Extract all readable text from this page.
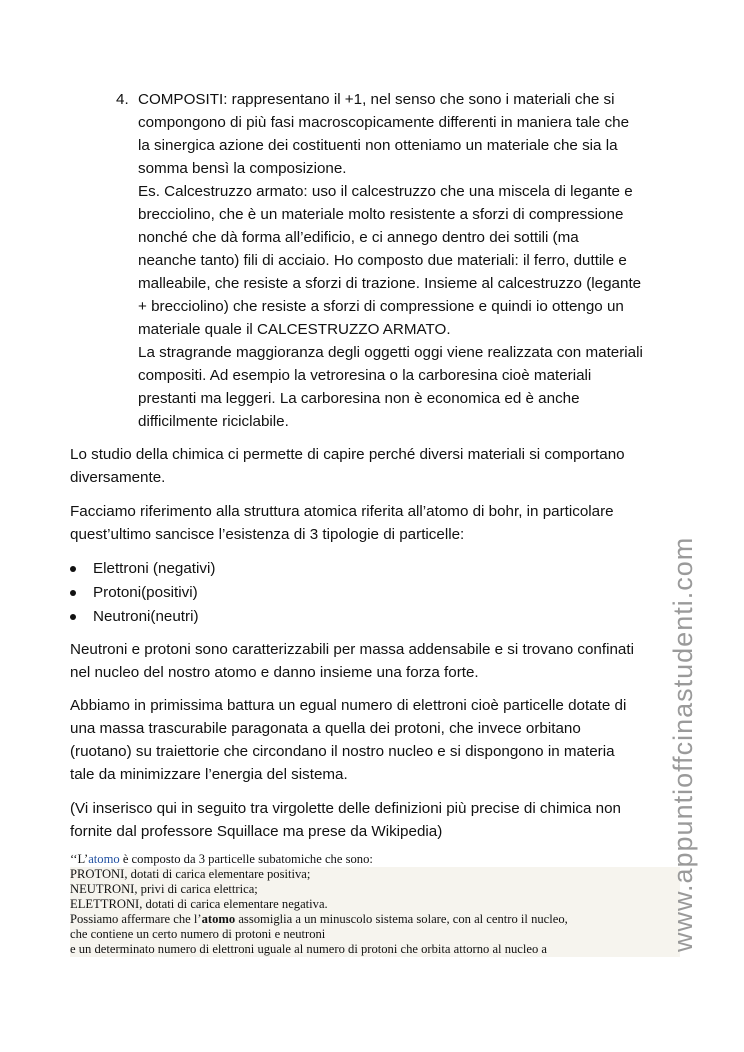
4. COMPOSITI: rappresentano il +1, nel senso che sono i materiali che si
compongono di più fasi macroscopicamente differenti in maniera tale che
la sinergica azione dei costituenti non otteniamo un materiale che sia la
somma bensì la composizione.
Es. Calcestruzzo armato: uso il calcestruzzo che una miscela di legante e
brecciolino, che è un materiale molto resistente a sforzi di compressione
nonché che dà forma all’edificio, e ci annego dentro dei sottili (ma
neanche tanto) fili di acciaio. Ho composto due materiali: il ferro, duttile e
malleabile, che resiste a sforzi di trazione. Insieme al calcestruzzo (legante
+ brecciolino) che resiste a sforzi di compressione e quindi io ottengo un
materiale quale il CALCESTRUZZO ARMATO.
La stragrande maggioranza degli oggetti oggi viene realizzata con materiali
compositi. Ad esempio la vetroresina o la carboresina cioè materiali
prestanti ma leggeri. La carboresina non è economica ed è anche
difficilmente riciclabile.
Lo studio della chimica ci permette di capire perché diversi materiali si comportano
diversamente.
Facciamo riferimento alla struttura atomica riferita all’atomo di bohr, in particolare
quest’ultimo sancisce l’esistenza di 3 tipologie di particelle:
Elettroni (negativi)
Protoni(positivi)
Neutroni(neutri)
Neutroni e protoni sono caratterizzabili per massa addensabile e si trovano confinati
nel nucleo del nostro atomo e danno insieme una forza forte.
Abbiamo in primissima battura un egual numero di elettroni cioè particelle dotate di
una massa trascurabile paragonata a quella dei protoni, che invece orbitano
(ruotano) su traiettorie che circondano il nostro nucleo e si dispongono in materia
tale da minimizzare l’energia del sistema.
(Vi inserisco qui in seguito tra virgolette delle definizioni più precise di chimica non
fornite dal professore Squillace ma prese da Wikipedia)
‘‘L’atomo è composto da 3 particelle subatomiche che sono:
PROTONI, dotati di carica elementare positiva;
NEUTRONI, privi di carica elettrica;
ELETTRONI, dotati di carica elementare negativa.
Possiamo affermare che l’atomo assomiglia a un minuscolo sistema solare, con al centro il nucleo,
che contiene un certo numero di protoni e neutroni
e un determinato numero di elettroni uguale al numero di protoni che orbita attorno al nucleo a	www.appuntioffcinastudenti.com
